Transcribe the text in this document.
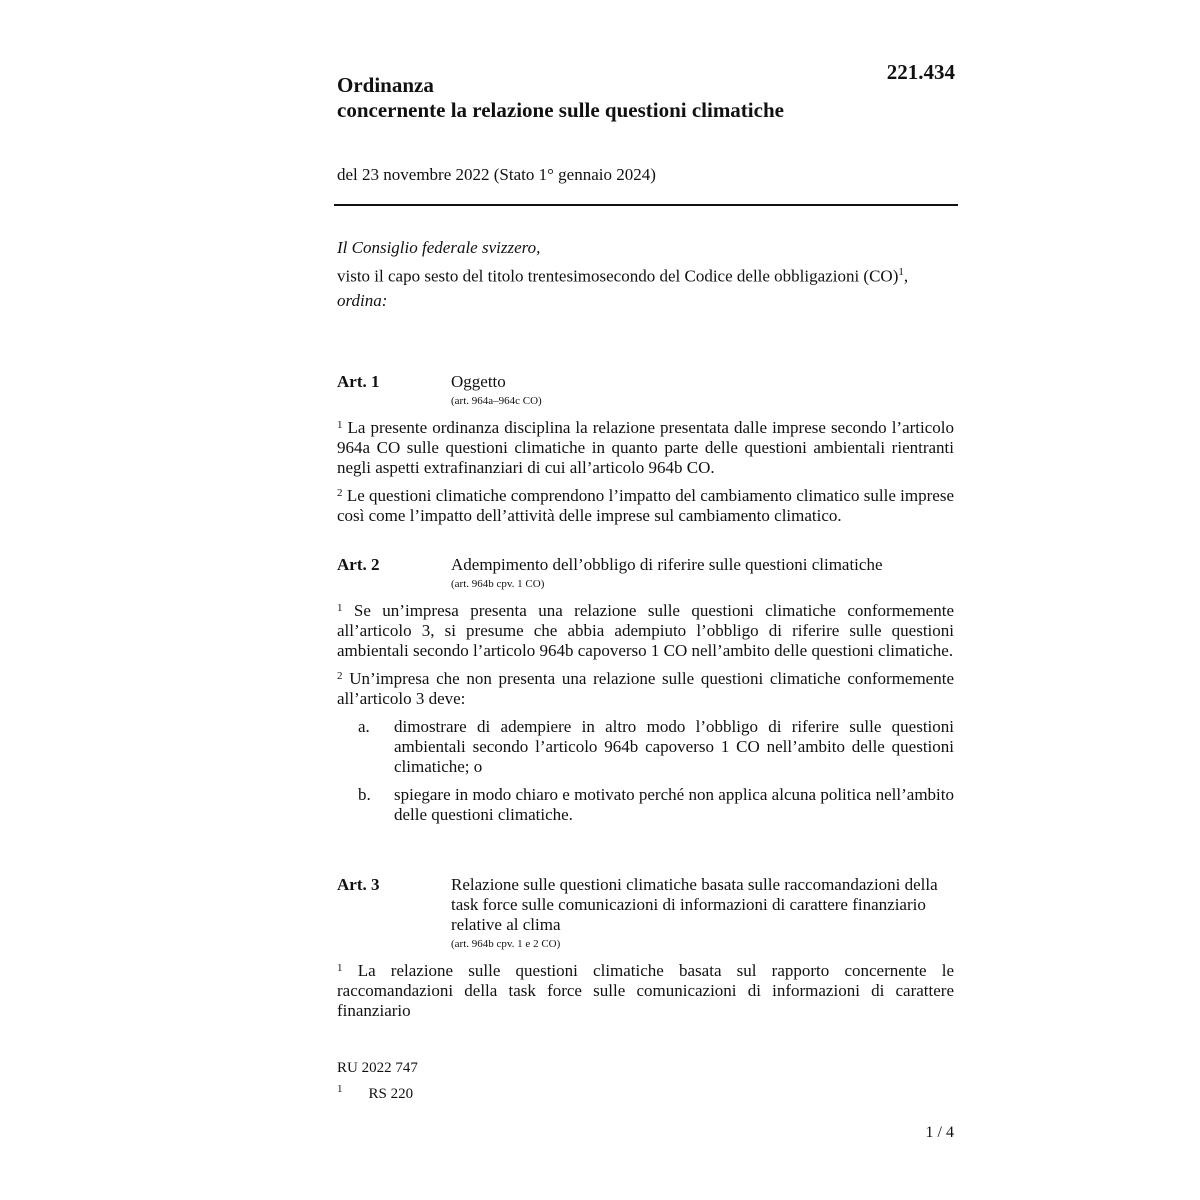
221.434
Ordinanza
concernente la relazione sulle questioni climatiche
del 23 novembre 2022 (Stato 1° gennaio 2024)
Il Consiglio federale svizzero,
visto il capo sesto del titolo trentesimosecondo del Codice delle obbligazioni (CO)$^1$,
ordina:
Art. 1	Oggetto
(art. 964a–964c CO)
$^1$ La presente ordinanza disciplina la relazione presentata dalle imprese secondo l’articolo 964a CO sulle questioni climatiche in quanto parte delle questioni ambientali rientranti negli aspetti extrafinanziari di cui all’articolo 964b CO.
$^2$ Le questioni climatiche comprendono l’impatto del cambiamento climatico sulle imprese così come l’impatto dell’attività delle imprese sul cambiamento climatico.
Art. 2	Adempimento dell’obbligo di riferire sulle questioni climatiche
(art. 964b cpv. 1 CO)
$^1$ Se un’impresa presenta una relazione sulle questioni climatiche conformemente all’articolo 3, si presume che abbia adempiuto l’obbligo di riferire sulle questioni ambientali secondo l’articolo 964b capoverso 1 CO nell’ambito delle questioni climatiche.
$^2$ Un’impresa che non presenta una relazione sulle questioni climatiche conformemente all’articolo 3 deve:
a. dimostrare di adempiere in altro modo l’obbligo di riferire sulle questioni ambientali secondo l’articolo 964b capoverso 1 CO nell’ambito delle questioni climatiche; o
b. spiegare in modo chiaro e motivato perché non applica alcuna politica nell’ambito delle questioni climatiche.
Art. 3	Relazione sulle questioni climatiche basata sulle raccomandazioni della task force sulle comunicazioni di informazioni di carattere finanziario relative al clima
(art. 964b cpv. 1 e 2 CO)
$^1$ La relazione sulle questioni climatiche basata sul rapporto concernente le raccomandazioni della task force sulle comunicazioni di informazioni di carattere finanziario
RU 2022 747
$^1$ RS 220
1 / 4
